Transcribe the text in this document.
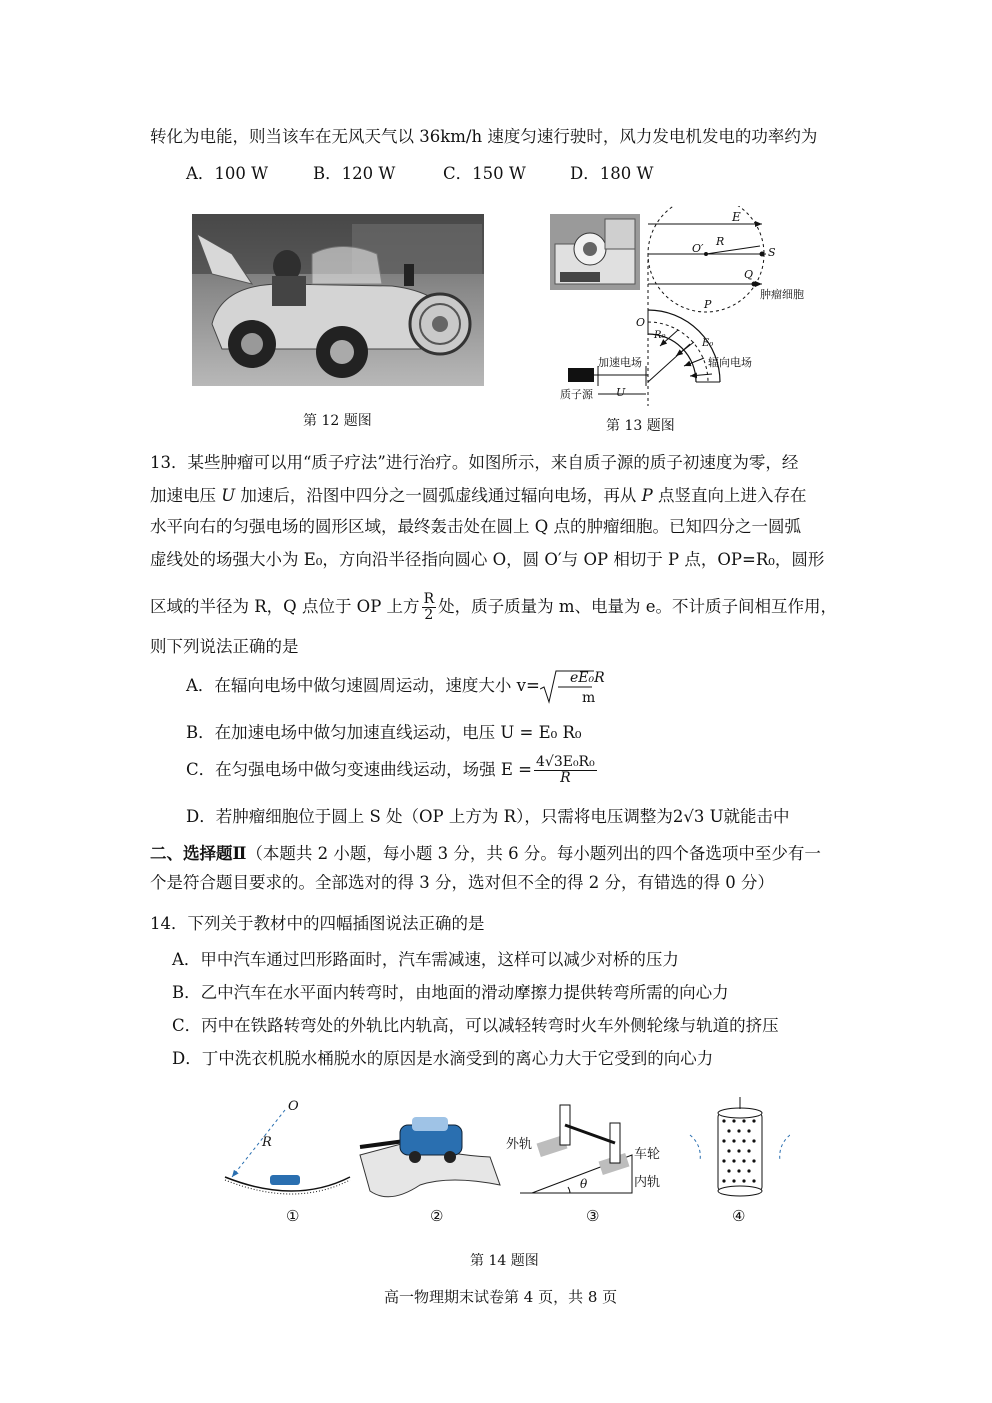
转化为电能，则当该车在无风天气以 36km/h 速度匀速行驶时，风力发电机发电的功率约为
A．100 W	B．120 W	C．150 W	D．180 W
第 12 题图
E
R
O′	S
Q
肿瘤细胞
P
O
R₀
E₀
加速电场	辐向电场
U
质子源
第 13 题图
13．某些肿瘤可以用“质子疗法”进行治疗。如图所示，来自质子源的质子初速度为零，经
加速电压 U 加速后，沿图中四分之一圆弧虚线通过辐向电场，再从 P 点竖直向上进入存在
水平向右的匀强电场的圆形区域，最终轰击处在圆上 Q 点的肿瘤细胞。已知四分之一圆弧
虚线处的场强大小为 E₀，方向沿半径指向圆心 O，圆 O′与 OP 相切于 P 点，OP=R₀，圆形
区域的半径为 R，Q 点位于 OP 上方 $\frac{R}{2}$ 处，质子质量为 m、电量为 e。不计质子间相互作用，
则下列说法正确的是
A．在辐向电场中做匀速圆周运动，速度大小 v=	eE₀R
m
B．在加速电场中做匀加速直线运动，电压 U = E₀ R₀
C．在匀强电场中做匀变速曲线运动，场强 $E = \frac{\text{4√3E₀R₀}}{R}$
D．若肿瘤细胞位于圆上 S 处（OP 上方为 R），只需将电压调整为2√3 U就能击中
二、选择题Ⅱ（本题共 2 小题，每小题 3 分，共 6 分。每小题列出的四个备选项中至少有一
个是符合题目要求的。全部选对的得 3 分，选对但不全的得 2 分，有错选的得 0 分）
14．下列关于教材中的四幅插图说法正确的是
A．甲中汽车通过凹形路面时，汽车需减速，这样可以减少对桥的压力
B．乙中汽车在水平面内转弯时，由地面的滑动摩擦力提供转弯所需的向心力
C．丙中在铁路转弯处的外轨比内轨高，可以减轻转弯时火车外侧轮缘与轨道的挤压
D．丁中洗衣机脱水桶脱水的原因是水滴受到的离心力大于它受到的向心力
O
R	外轨
车轮
内轨
θ
①	②	③	④
第 14 题图
高一物理期末试卷第 4 页，共 8 页
